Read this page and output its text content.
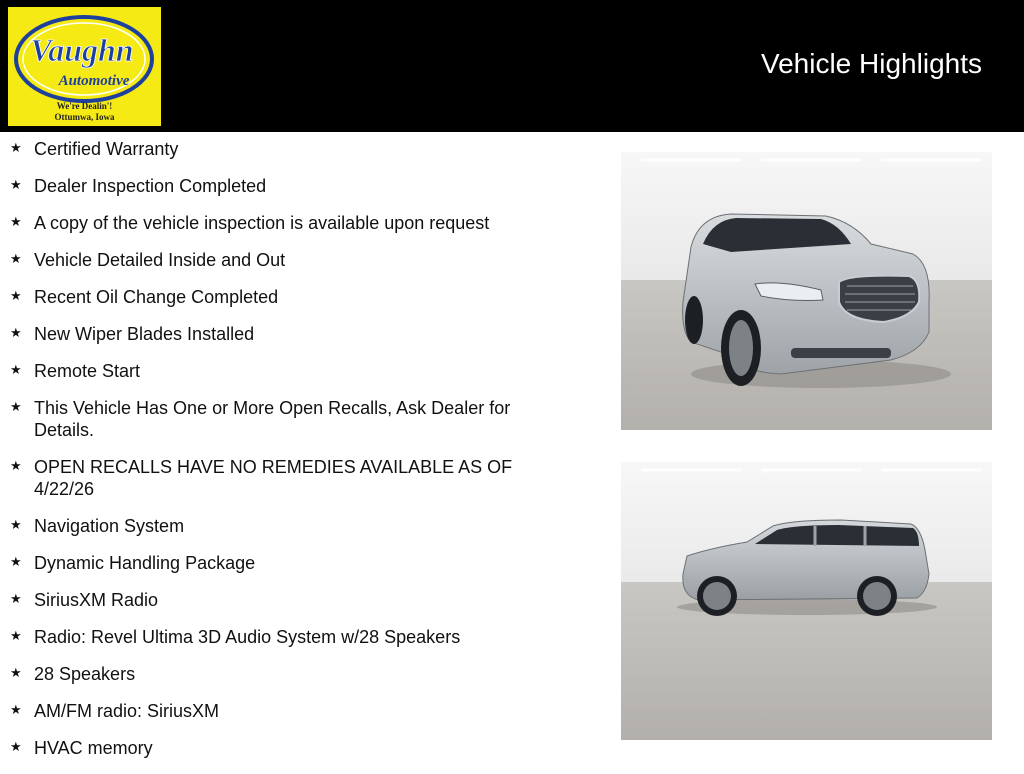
Vaughn
Automotive
We're Dealin'!
Ottumwa, Iowa
Vehicle Highlights
★ Certified Warranty
★ Dealer Inspection Completed
★ A copy of the vehicle inspection is available upon request
★ Vehicle Detailed Inside and Out
★ Recent Oil Change Completed
★ New Wiper Blades Installed
★ Remote Start
★ This Vehicle Has One or More Open Recalls, Ask Dealer for Details.
★ OPEN RECALLS HAVE NO REMEDIES AVAILABLE AS OF 4/22/26
★ Navigation System
★ Dynamic Handling Package
★ SiriusXM Radio
★ Radio: Revel Ultima 3D Audio System w/28 Speakers
★ 28 Speakers
★ AM/FM radio: SiriusXM
★ HVAC memory
